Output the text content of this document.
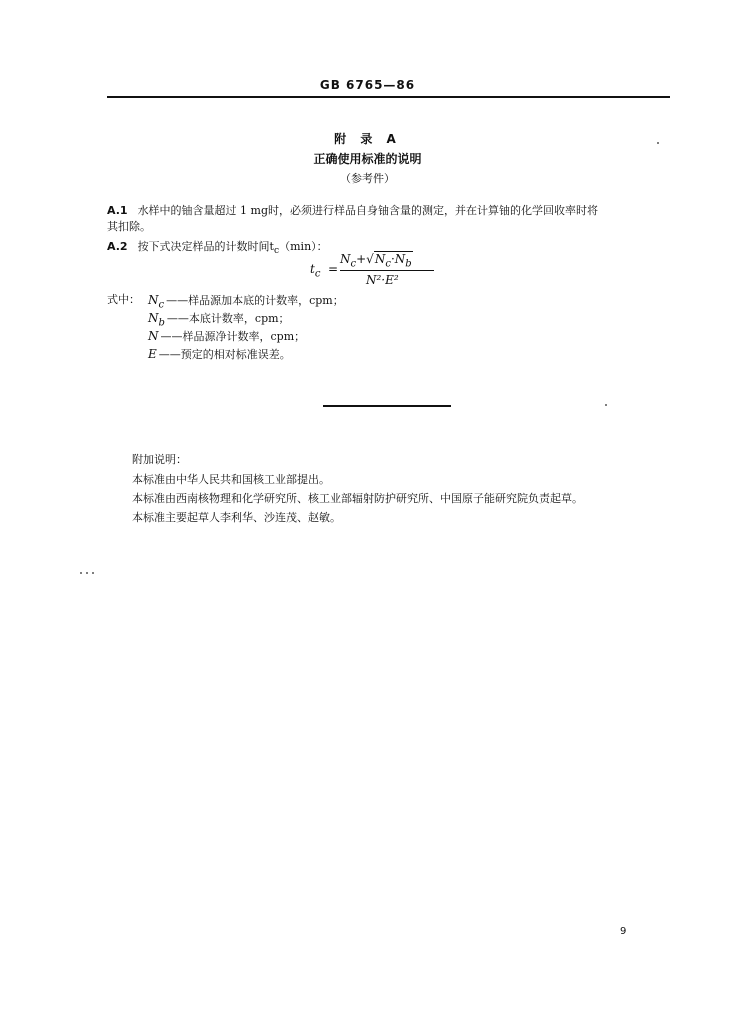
GB 6765—86
附 录 A
正确使用标准的说明
（参考件）
A.1 水样中的铀含量超过 1 mg时，必须进行样品自身铀含量的测定，并在计算铀的化学回收率时将
其扣除。
A.2 按下式决定样品的计数时间$t_c(\min)$：
$t_c$ =
$N_c+√N_c\cdot N_b$
N²·E²
式中： $N_c$ ——样品源加本底的计数率，cpm；
$N_b$ ——本底计数率，cpm；
N ——样品源净计数率，cpm；
E ——预定的相对标准误差。
附加说明：
本标准由中华人民共和国核工业部提出。
本标准由西南核物理和化学研究所、核工业部辐射防护研究所、中国原子能研究院负责起草。
本标准主要起草人李利华、沙连茂、赵敏。
9
